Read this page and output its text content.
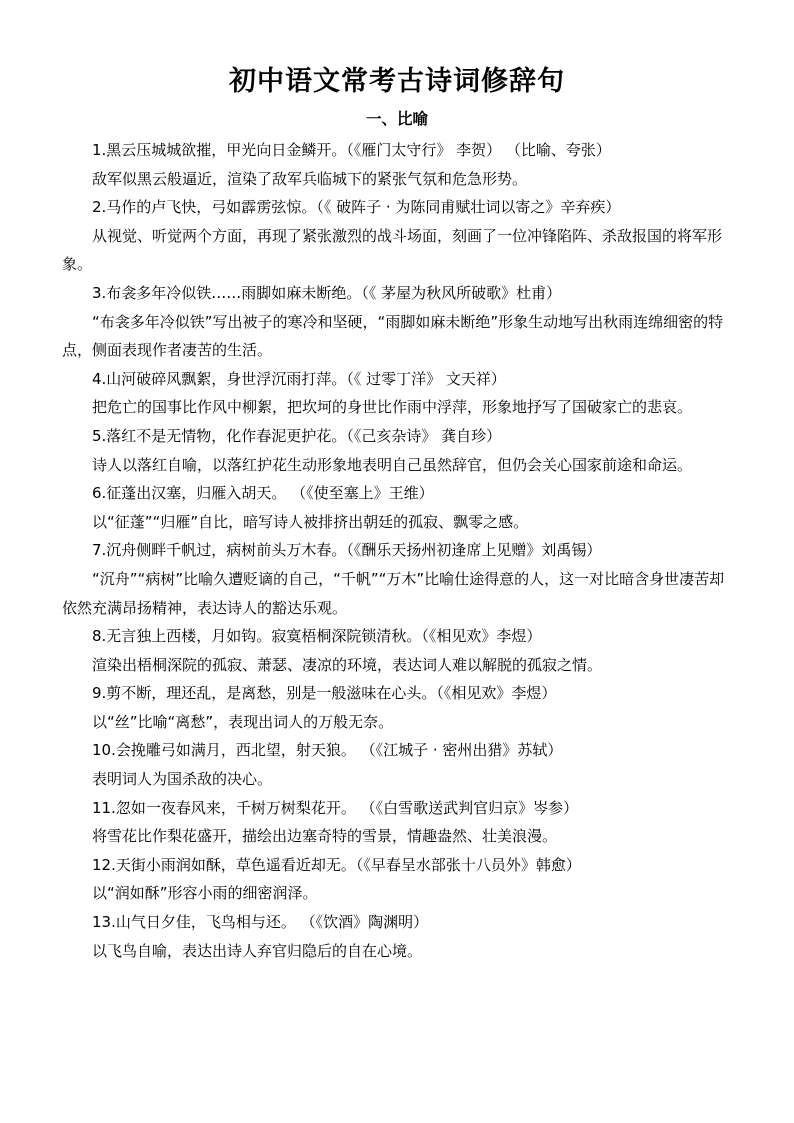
初中语文常考古诗词修辞句
一、比喻

1.黑云压城城欲摧，甲光向日金鳞开。（《雁门太守行》 李贺） （比喻、夸张）

敌军似黑云般逼近，渲染了敌军兵临城下的紧张气氛和危急形势。

2.马作的卢飞快，弓如霹雳弦惊。（《 破阵子 · 为陈同甫赋壮词以寄之》辛弃疾）

从视觉、听觉两个方面，再现了紧张激烈的战斗场面，刻画了一位冲锋陷阵、杀敌报国的将军形象。

3.布衾多年冷似铁……雨脚如麻未断绝。（《 茅屋为秋风所破歌》杜甫）

“布衾多年冷似铁”写出被子的寒冷和坚硬，“雨脚如麻未断绝”形象生动地写出秋雨连绵细密的特点，侧面表现作者凄苦的生活。

4.山河破碎风飘絮，身世浮沉雨打萍。（《 过零丁洋》 文天祥）

把危亡的国事比作风中柳絮，把坎坷的身世比作雨中浮萍，形象地抒写了国破家亡的悲哀。

5.落红不是无情物，化作春泥更护花。（《己亥杂诗》 龚自珍）

诗人以落红自喻，以落红护花生动形象地表明自己虽然辞官，但仍会关心国家前途和命运。

6.征蓬出汉塞，归雁入胡天。 （《使至塞上》王维）

以“征蓬”“归雁”自比，暗写诗人被排挤出朝廷的孤寂、飘零之感。

7.沉舟侧畔千帆过，病树前头万木春。（《酬乐天扬州初逢席上见赠》刘禹锡）

“沉舟”“病树”比喻久遭贬谪的自己，“千帆”“万木”比喻仕途得意的人，这一对比暗含身世凄苦却依然充满昂扬精神，表达诗人的豁达乐观。

8.无言独上西楼，月如钩。寂寞梧桐深院锁清秋。（《相见欢》李煜）

渲染出梧桐深院的孤寂、萧瑟、凄凉的环境，表达词人难以解脱的孤寂之情。

9.剪不断，理还乱，是离愁，别是一般滋味在心头。（《相见欢》李煜）

以“丝”比喻“离愁”，表现出词人的万般无奈。

10.会挽雕弓如满月，西北望，射天狼。 （《江城子 · 密州出猎》苏轼）

表明词人为国杀敌的决心。

11.忽如一夜春风来，千树万树梨花开。 （《白雪歌送武判官归京》岑参）

将雪花比作梨花盛开，描绘出边塞奇特的雪景，情趣盎然、壮美浪漫。

12.天街小雨润如酥，草色遥看近却无。（《早春呈水部张十八员外》韩愈）

以“润如酥”形容小雨的细密润泽。

13.山气日夕佳，飞鸟相与还。 （《饮酒》陶渊明）

以飞鸟自喻，表达出诗人弃官归隐后的自在心境。
